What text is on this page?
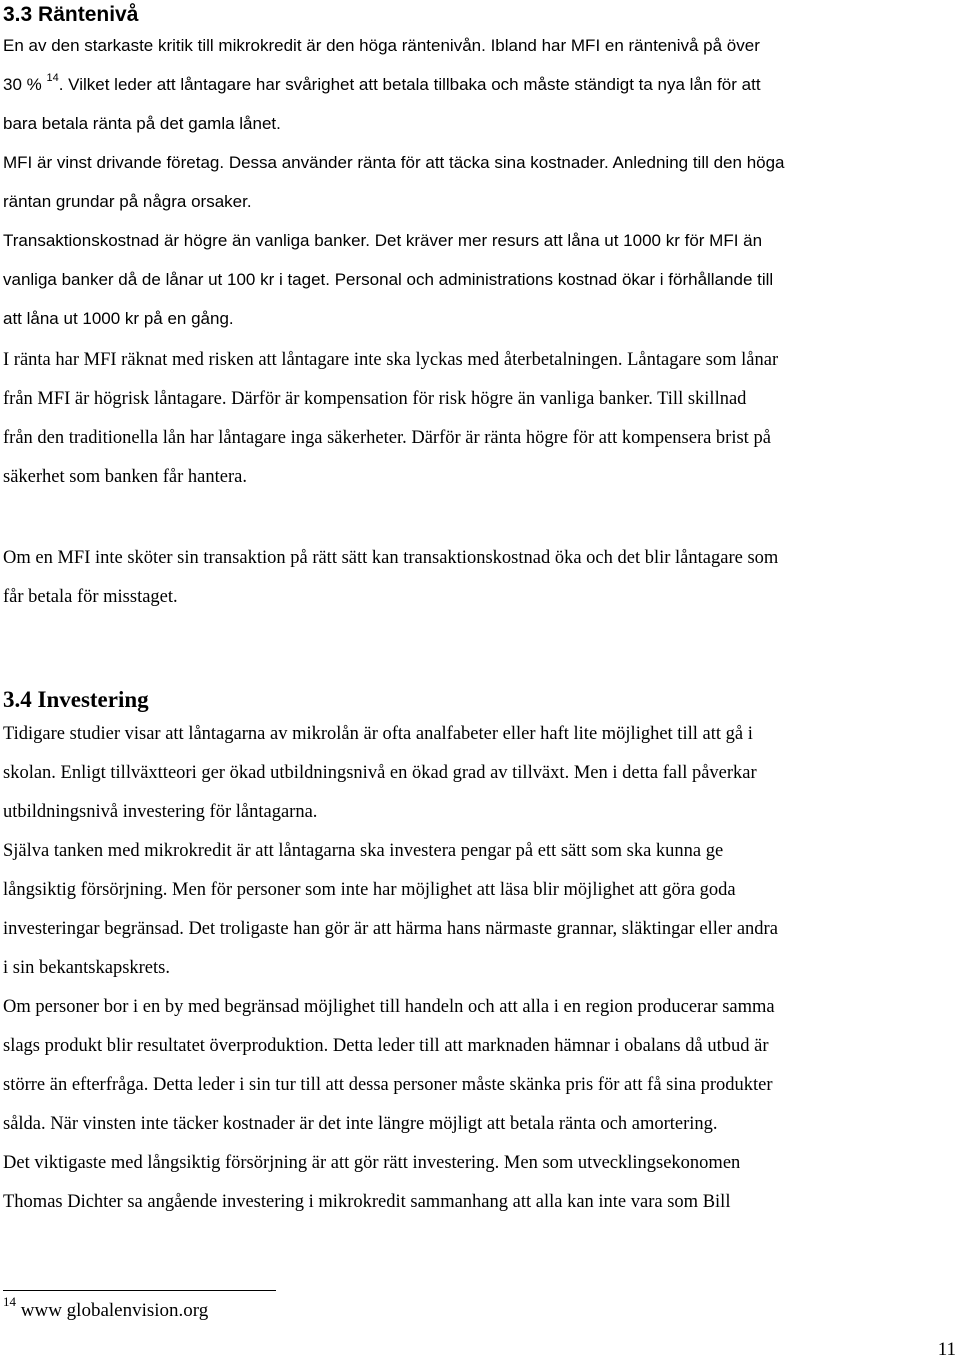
3.3 Räntenivå
En av den starkaste kritik till mikrokredit är den höga räntenivån. Ibland har MFI en räntenivå på över
30 % $^{14}$. Vilket leder att låntagare har svårighet att betala tillbaka och måste ständigt ta nya lån för att
bara betala ränta på det gamla lånet.
MFI är vinst drivande företag. Dessa använder ränta för att täcka sina kostnader. Anledning till den höga
räntan grundar på några orsaker.
Transaktionskostnad är högre än vanliga banker. Det kräver mer resurs att låna ut 1000 kr för MFI än
vanliga banker då de lånar ut 100 kr i taget. Personal och administrations kostnad ökar i förhållande till
att låna ut 1000 kr på en gång.
I ränta har MFI räknat med risken att låntagare inte ska lyckas med återbetalningen. Låntagare som lånar
från MFI är högrisk låntagare. Därför är kompensation för risk högre än vanliga banker. Till skillnad
från den traditionella lån har låntagare inga säkerheter. Därför är ränta högre för att kompensera brist på
säkerhet som banken får hantera.
Om en MFI inte sköter sin transaktion på rätt sätt kan transaktionskostnad öka och det blir låntagare som
får betala för misstaget.
3.4 Investering
Tidigare studier visar att låntagarna av mikrolån är ofta analfabeter eller haft lite möjlighet till att gå i
skolan. Enligt tillväxtteori ger ökad utbildningsnivå en ökad grad av tillväxt. Men i detta fall påverkar
utbildningsnivå investering för låntagarna.
Själva tanken med mikrokredit är att låntagarna ska investera pengar på ett sätt som ska kunna ge
långsiktig försörjning. Men för personer som inte har möjlighet att läsa blir möjlighet att göra goda
investeringar begränsad. Det troligaste han gör är att härma hans närmaste grannar, släktingar eller andra
i sin bekantskapskrets.
Om personer bor i en by med begränsad möjlighet till handeln och att alla i en region producerar samma
slags produkt blir resultatet överproduktion. Detta leder till att marknaden hämnar i obalans då utbud är
större än efterfråga. Detta leder i sin tur till att dessa personer måste skänka pris för att få sina produkter
sålda. När vinsten inte täcker kostnader är det inte längre möjligt att betala ränta och amortering.
Det viktigaste med långsiktig försörjning är att gör rätt investering. Men som utvecklingsekonomen
Thomas Dichter sa angående investering i mikrokredit sammanhang att alla kan inte vara som Bill
$^{14}$ www globalenvision.org
11
